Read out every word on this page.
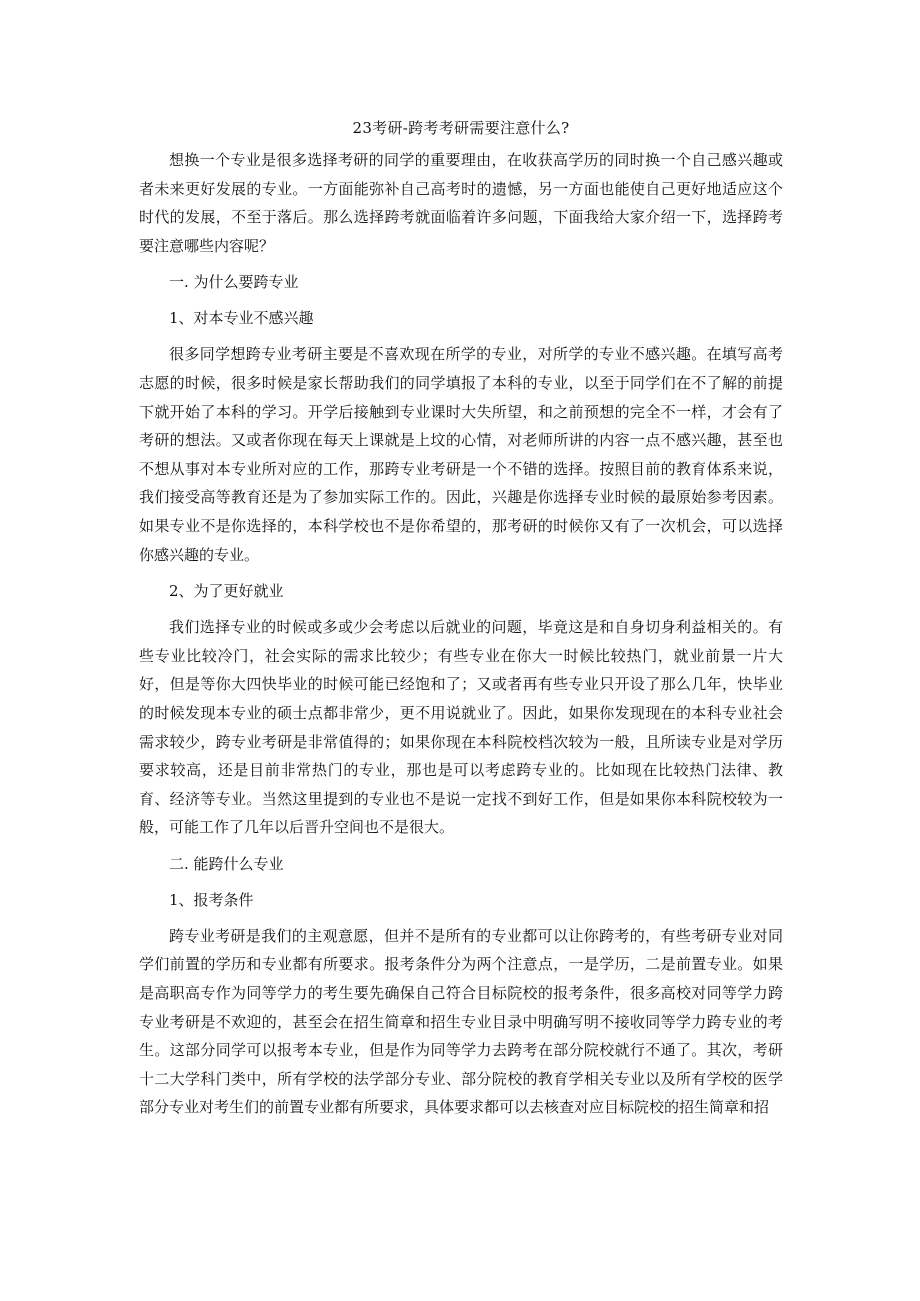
23考研-跨考考研需要注意什么?

想换一个专业是很多选择考研的同学的重要理由，在收获高学历的同时换一个自己感兴趣或者未来更好发展的专业。一方面能弥补自己高考时的遗憾，另一方面也能使自己更好地适应这个时代的发展，不至于落后。那么选择跨考就面临着许多问题，下面我给大家介绍一下，选择跨考要注意哪些内容呢？

一. 为什么要跨专业

1、对本专业不感兴趣

很多同学想跨专业考研主要是不喜欢现在所学的专业，对所学的专业不感兴趣。在填写高考志愿的时候，很多时候是家长帮助我们的同学填报了本科的专业，以至于同学们在不了解的前提下就开始了本科的学习。开学后接触到专业课时大失所望，和之前预想的完全不一样，才会有了考研的想法。又或者你现在每天上课就是上坟的心情，对老师所讲的内容一点不感兴趣，甚至也不想从事对本专业所对应的工作，那跨专业考研是一个不错的选择。按照目前的教育体系来说，我们接受高等教育还是为了参加实际工作的。因此，兴趣是你选择专业时候的最原始参考因素。如果专业不是你选择的，本科学校也不是你希望的，那考研的时候你又有了一次机会，可以选择你感兴趣的专业。

2、为了更好就业

我们选择专业的时候或多或少会考虑以后就业的问题，毕竟这是和自身切身利益相关的。有些专业比较冷门，社会实际的需求比较少；有些专业在你大一时候比较热门，就业前景一片大好，但是等你大四快毕业的时候可能已经饱和了；又或者再有些专业只开设了那么几年，快毕业的时候发现本专业的硕士点都非常少，更不用说就业了。因此，如果你发现现在的本科专业社会需求较少，跨专业考研是非常值得的；如果你现在本科院校档次较为一般，且所读专业是对学历要求较高，还是目前非常热门的专业，那也是可以考虑跨专业的。比如现在比较热门法律、教育、经济等专业。当然这里提到的专业也不是说一定找不到好工作，但是如果你本科院校较为一般，可能工作了几年以后晋升空间也不是很大。

二. 能跨什么专业

1、报考条件

跨专业考研是我们的主观意愿，但并不是所有的专业都可以让你跨考的，有些考研专业对同学们前置的学历和专业都有所要求。报考条件分为两个注意点，一是学历，二是前置专业。如果是高职高专作为同等学力的考生要先确保自己符合目标院校的报考条件，很多高校对同等学力跨专业考研是不欢迎的，甚至会在招生简章和招生专业目录中明确写明不接收同等学力跨专业的考生。这部分同学可以报考本专业，但是作为同等学力去跨考在部分院校就行不通了。其次，考研十二大学科门类中，所有学校的法学部分专业、部分院校的教育学相关专业以及所有学校的医学部分专业对考生们的前置专业都有所要求，具体要求都可以去核查对应目标院校的招生简章和招
